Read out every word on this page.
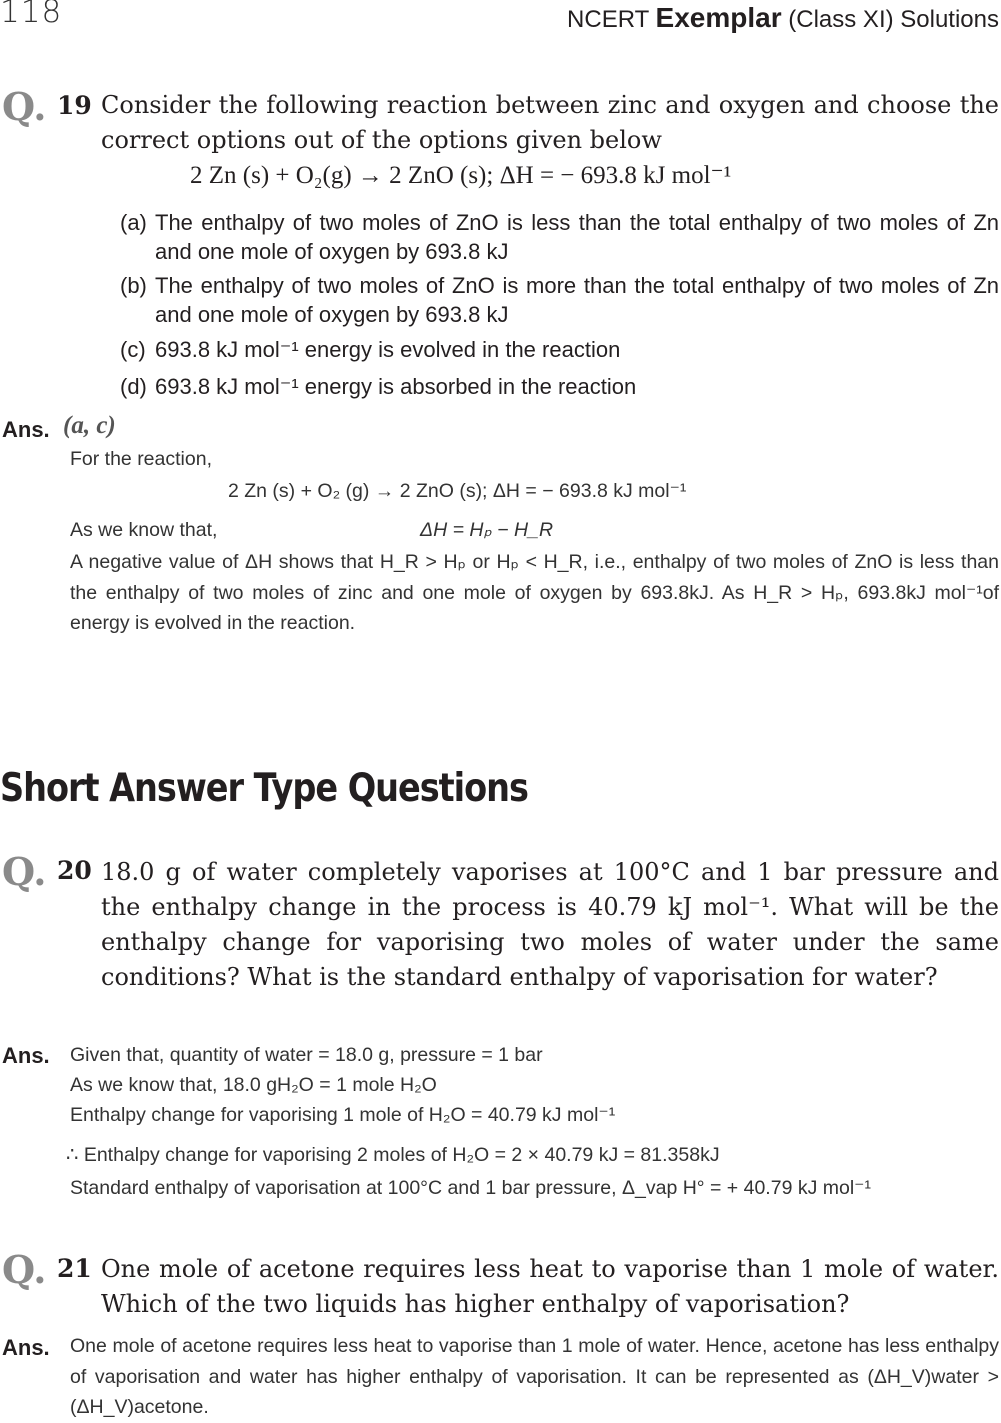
118	NCERT Exemplar (Class XI) Solutions
Q. 19 Consider the following reaction between zinc and oxygen and choose the correct options out of the options given below
2 Zn (s) + O₂(g) → 2 ZnO (s); ΔH = − 693.8 kJ mol⁻¹
(a) The enthalpy of two moles of ZnO is less than the total enthalpy of two moles of Zn and one mole of oxygen by 693.8 kJ
(b) The enthalpy of two moles of ZnO is more than the total enthalpy of two moles of Zn and one mole of oxygen by 693.8 kJ
(c) 693.8 kJ mol⁻¹ energy is evolved in the reaction
(d) 693.8 kJ mol⁻¹ energy is absorbed in the reaction
Ans. (a, c)
For the reaction,
2 Zn (s) + O₂ (g) → 2 ZnO (s); ΔH = − 693.8 kJ mol⁻¹
As we know that,	ΔH = Hₚ − H_R
A negative value of ΔH shows that H_R > Hₚ or Hₚ < H_R, i.e., enthalpy of two moles of ZnO is less than the enthalpy of two moles of zinc and one mole of oxygen by 693.8kJ. As H_R > Hₚ, 693.8kJ mol⁻¹of energy is evolved in the reaction.
Short Answer Type Questions
Q. 20 18.0 g of water completely vaporises at 100°C and 1 bar pressure and the enthalpy change in the process is 40.79 kJ mol⁻¹. What will be the enthalpy change for vaporising two moles of water under the same conditions? What is the standard enthalpy of vaporisation for water?
Ans. Given that, quantity of water = 18.0 g, pressure = 1 bar
As we know that, 18.0 gH₂O = 1 mole H₂O
Enthalpy change for vaporising 1 mole of H₂O = 40.79 kJ mol⁻¹
∴ Enthalpy change for vaporising 2 moles of H₂O = 2 × 40.79 kJ = 81.358kJ
Standard enthalpy of vaporisation at 100°C and 1 bar pressure, Δ_vap H° = + 40.79 kJ mol⁻¹
Q. 21 One mole of acetone requires less heat to vaporise than 1 mole of water. Which of the two liquids has higher enthalpy of vaporisation?
Ans. One mole of acetone requires less heat to vaporise than 1 mole of water. Hence, acetone has less enthalpy of vaporisation and water has higher enthalpy of vaporisation. It can be represented as (ΔH_V)water > (ΔH_V)acetone.
